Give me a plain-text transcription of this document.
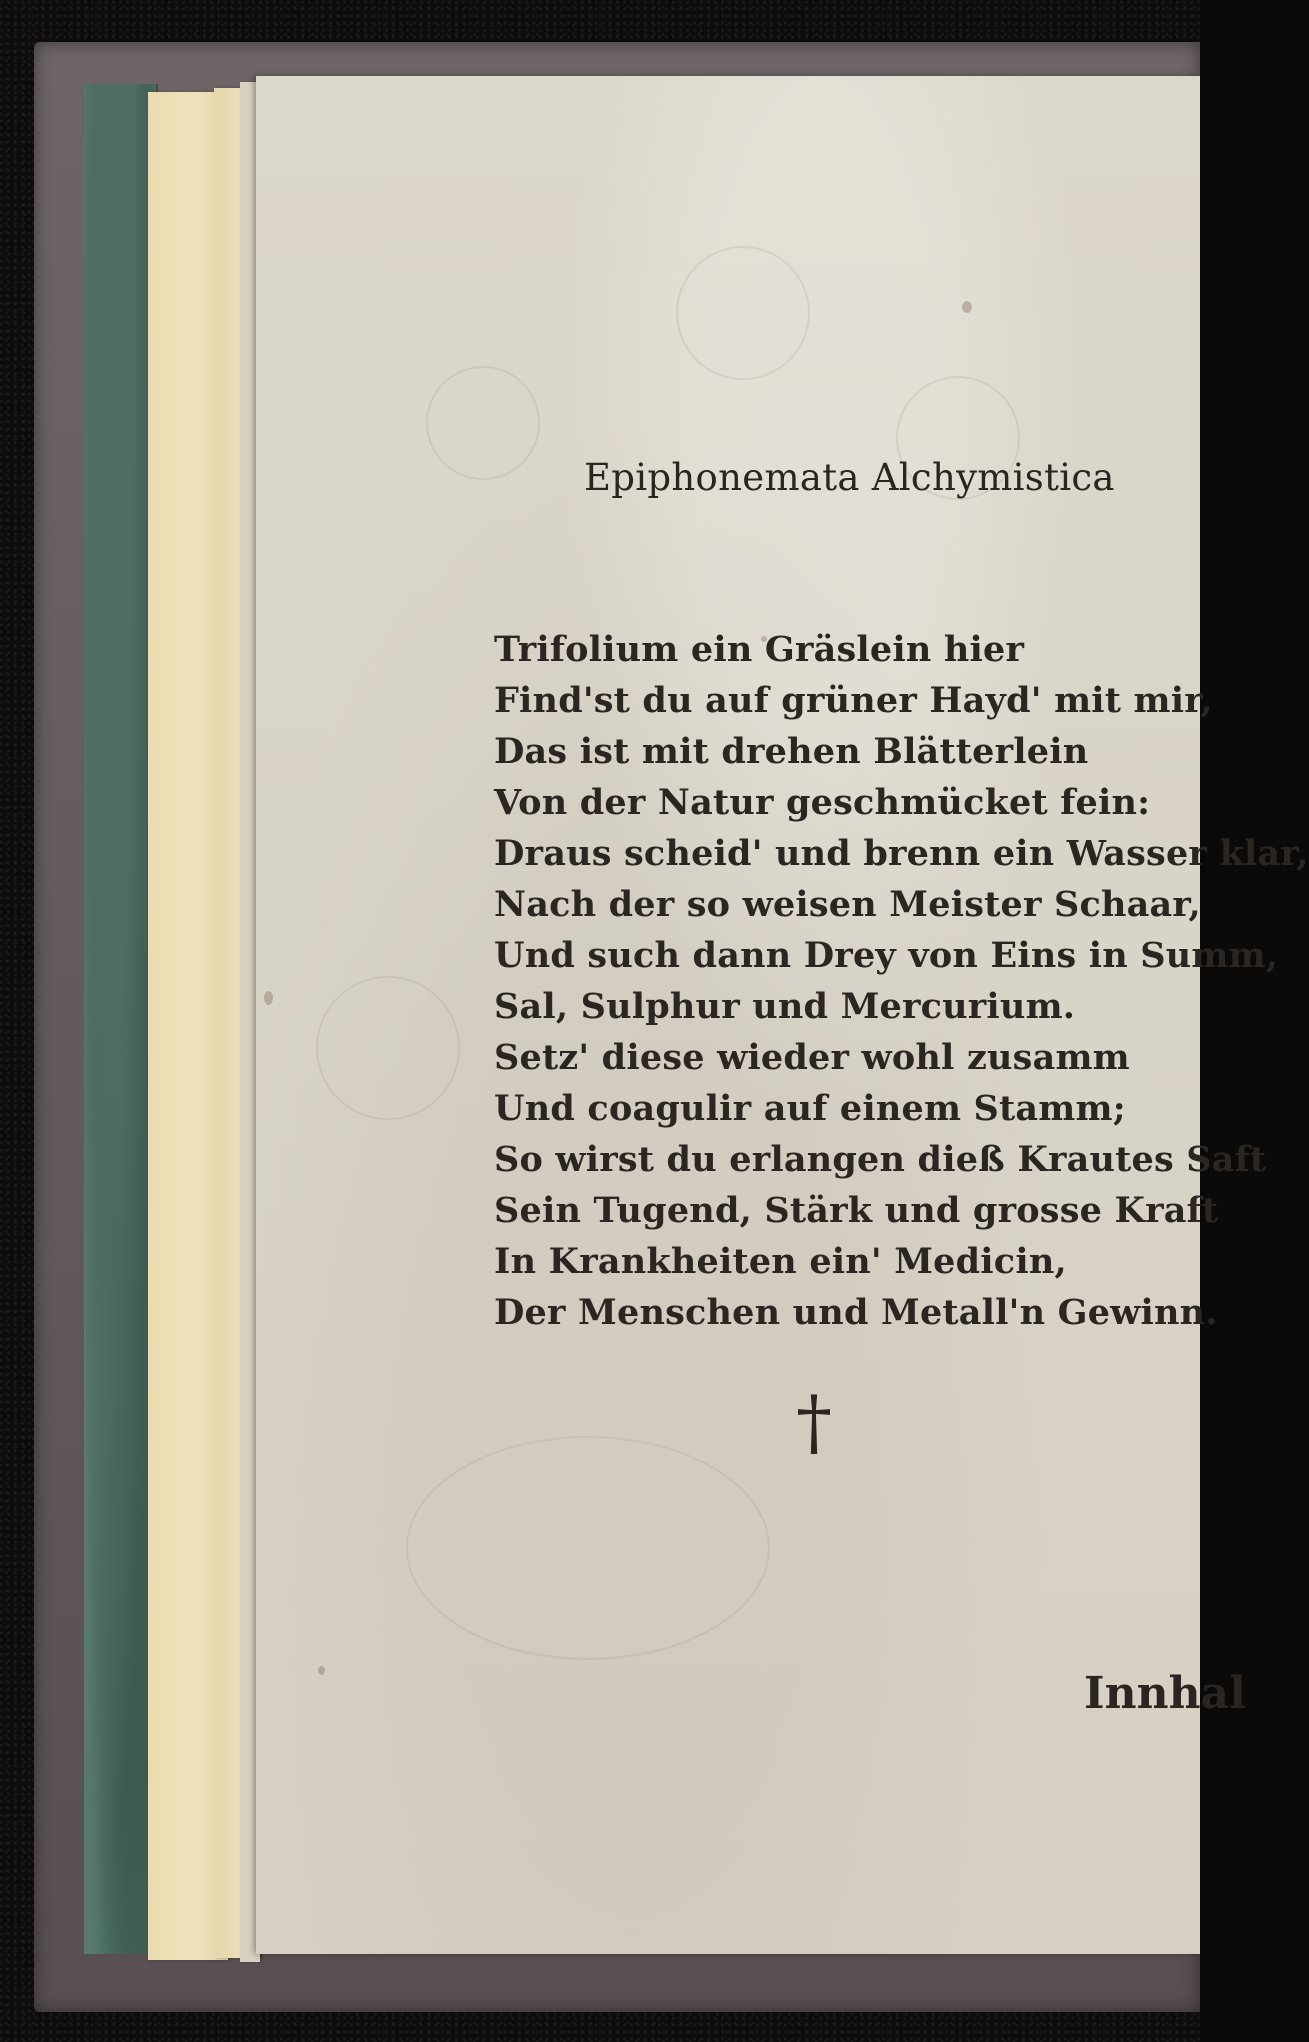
Epiphonemata Alchymistica
Trifolium ein Gräslein hier
Find'st du auf grüner Hayd' mit mir,
Das ist mit drehen Blätterlein
Von der Natur geschmücket fein:
Draus scheid' und brenn ein Wasser klar,
Nach der so weisen Meister Schaar,
Und such dann Drey von Eins in Summ,
Sal, Sulphur und Mercurium.
Setz' diese wieder wohl zusamm
Und coagulir auf einem Stamm;
So wirst du erlangen dieß Krautes Saft
Sein Tugend, Stärk und grosse Kraft
In Krankheiten ein' Medicin,
Der Menschen und Metall'n Gewinn.
†
Innhal
